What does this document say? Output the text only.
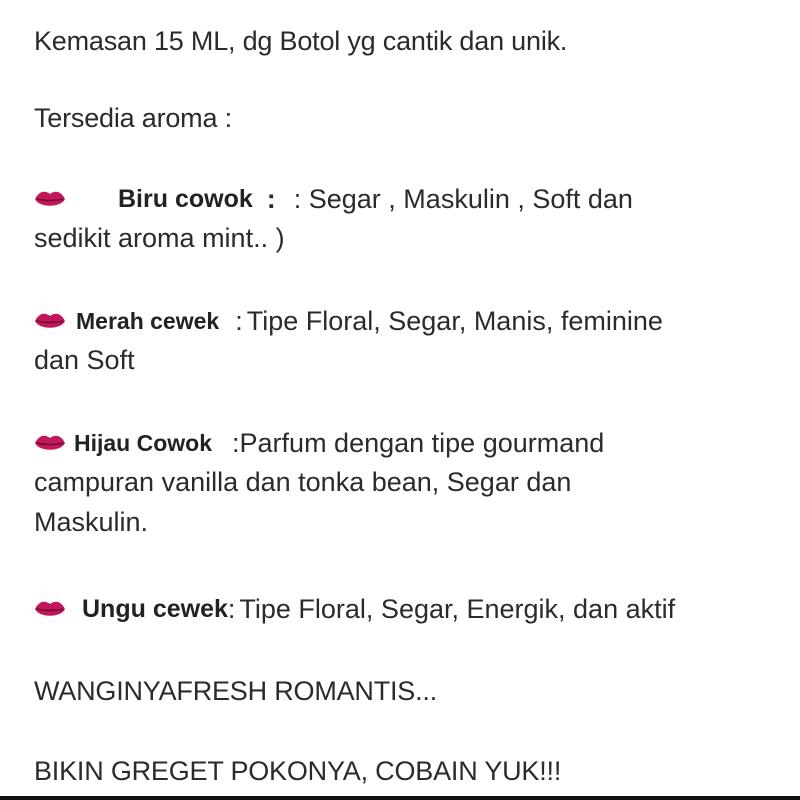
Kemasan 15 ML, dg Botol yg cantik dan unik.
Tersedia aroma :
Biru cowok : : Segar , Maskulin , Soft dan
sedikit aroma mint.. )
Merah cewek : Tipe Floral, Segar, Manis, feminine
dan Soft
Hijau Cowok : Parfum dengan tipe gourmand
campuran vanilla dan tonka bean, Segar dan
Maskulin.
Ungu cewek : Tipe Floral, Segar, Energik, dan aktif
WANGINYAFRESH ROMANTIS...
BIKIN GREGET POKONYA, COBAIN YUK!!!
